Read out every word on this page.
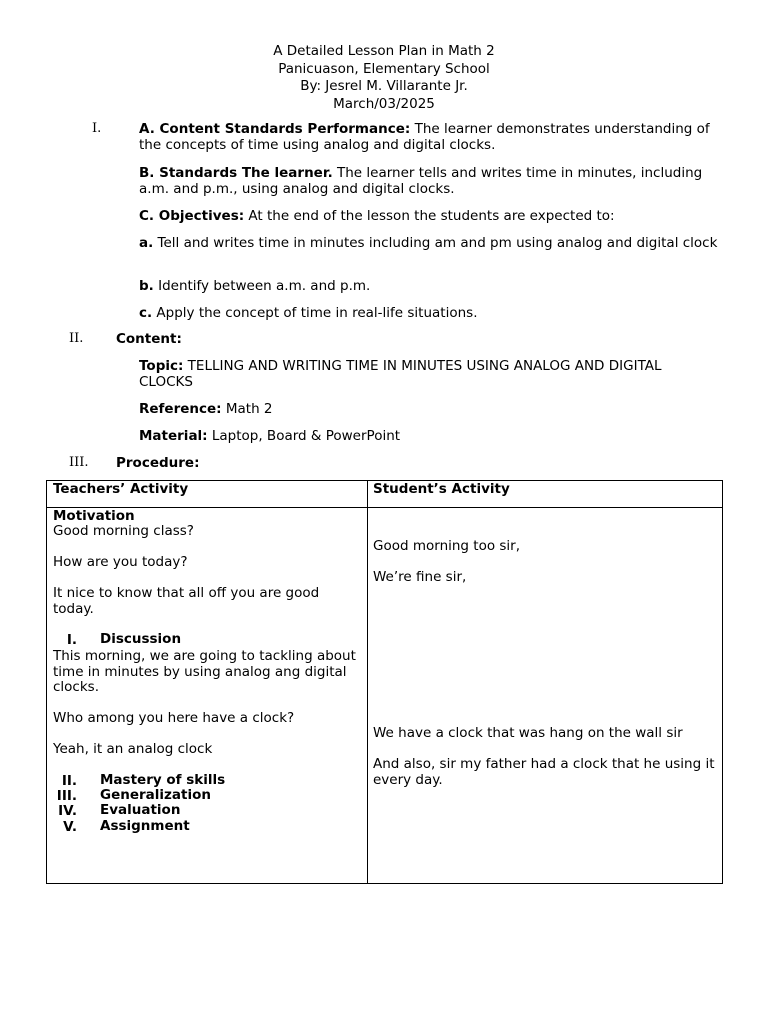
A Detailed Lesson Plan in Math 2
Panicuason, Elementary School
By: Jesrel M. Villarante Jr.
March/03/2025
I.	A. Content Standards Performance: The learner demonstrates understanding of the concepts of time using analog and digital clocks.
B. Standards The learner. The learner tells and writes time in minutes, including a.m. and p.m., using analog and digital clocks.
C. Objectives: At the end of the lesson the students are expected to:
a. Tell and writes time in minutes including am and pm using analog and digital clock
b. Identify between a.m. and p.m.
c. Apply the concept of time in real-life situations.
II. Content:
Topic: TELLING AND WRITING TIME IN MINUTES USING ANALOG AND DIGITAL CLOCKS
Reference: Math 2
Material: Laptop, Board & PowerPoint
III. Procedure:
Teachers’ Activity	Student’s Activity
Motivation
Good morning class?
How are you today?
It nice to know that all off you are good today.
I. Discussion
This morning, we are going to tackling about time in minutes by using analog ang digital clocks.
Who among you here have a clock?
Yeah, it an analog clock
II. Mastery of skills
III. Generalization
IV. Evaluation
V. Assignment
Good morning too sir,
We’re fine sir,
We have a clock that was hang on the wall sir
And also, sir my father had a clock that he using it every day.
